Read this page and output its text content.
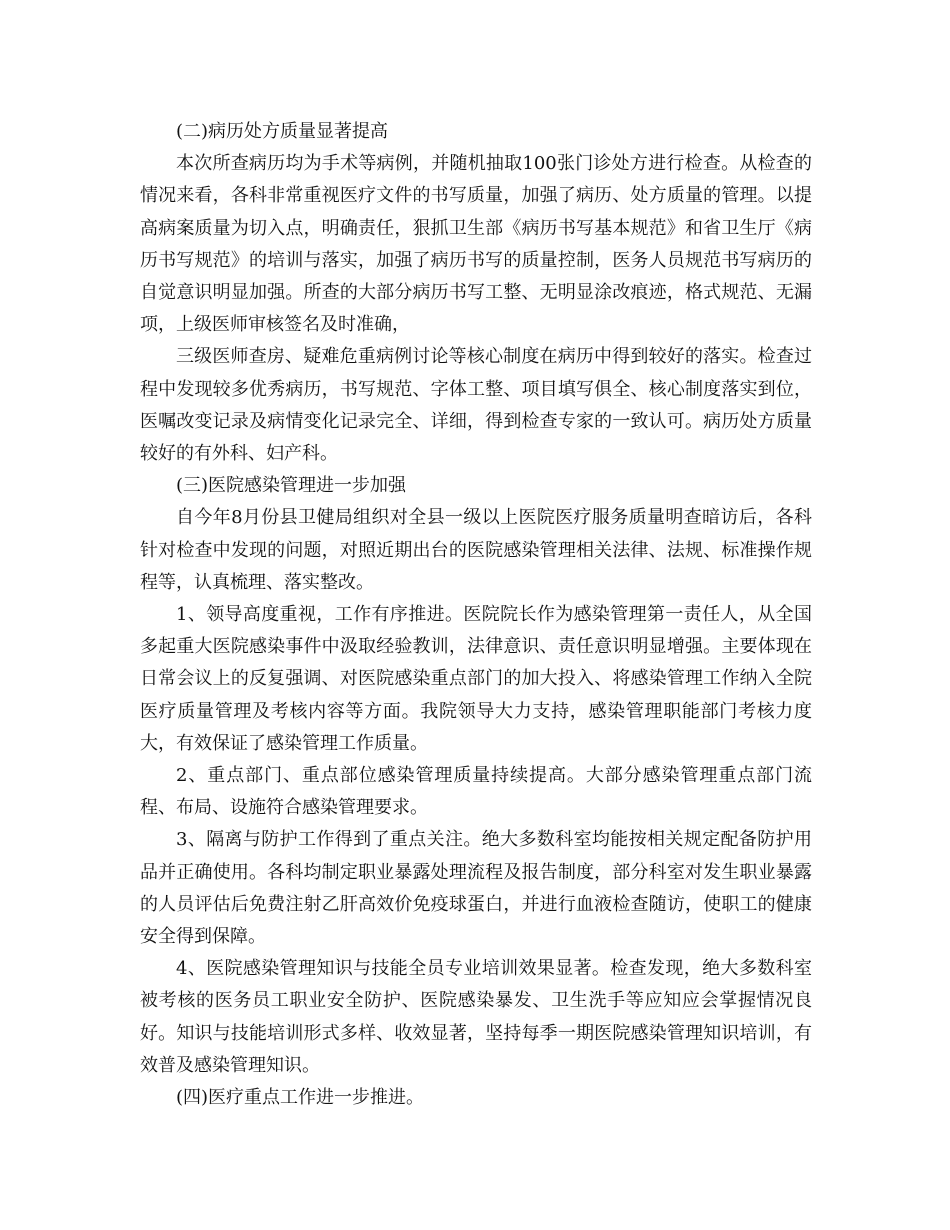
(二)病历处方质量显著提高

本次所查病历均为手术等病例，并随机抽取100张门诊处方进行检查。从检查的情况来看，各科非常重视医疗文件的书写质量，加强了病历、处方质量的管理。以提高病案质量为切入点，明确责任，狠抓卫生部《病历书写基本规范》和省卫生厅《病历书写规范》的培训与落实，加强了病历书写的质量控制，医务人员规范书写病历的自觉意识明显加强。所查的大部分病历书写工整、无明显涂改痕迹，格式规范、无漏项，上级医师审核签名及时准确，

三级医师查房、疑难危重病例讨论等核心制度在病历中得到较好的落实。检查过程中发现较多优秀病历，书写规范、字体工整、项目填写俱全、核心制度落实到位，医嘱改变记录及病情变化记录完全、详细，得到检查专家的一致认可。病历处方质量较好的有外科、妇产科。

(三)医院感染管理进一步加强

自今年8月份县卫健局组织对全县一级以上医院医疗服务质量明查暗访后，各科针对检查中发现的问题，对照近期出台的医院感染管理相关法律、法规、标准操作规程等，认真梳理、落实整改。

1、领导高度重视，工作有序推进。医院院长作为感染管理第一责任人，从全国多起重大医院感染事件中汲取经验教训，法律意识、责任意识明显增强。主要体现在日常会议上的反复强调、对医院感染重点部门的加大投入、将感染管理工作纳入全院医疗质量管理及考核内容等方面。我院领导大力支持，感染管理职能部门考核力度大，有效保证了感染管理工作质量。

2、重点部门、重点部位感染管理质量持续提高。大部分感染管理重点部门流程、布局、设施符合感染管理要求。

3、隔离与防护工作得到了重点关注。绝大多数科室均能按相关规定配备防护用品并正确使用。各科均制定职业暴露处理流程及报告制度，部分科室对发生职业暴露的人员评估后免费注射乙肝高效价免疫球蛋白，并进行血液检查随访，使职工的健康安全得到保障。

4、医院感染管理知识与技能全员专业培训效果显著。检查发现，绝大多数科室被考核的医务员工职业安全防护、医院感染暴发、卫生洗手等应知应会掌握情况良好。知识与技能培训形式多样、收效显著，坚持每季一期医院感染管理知识培训，有效普及感染管理知识。

(四)医疗重点工作进一步推进。
